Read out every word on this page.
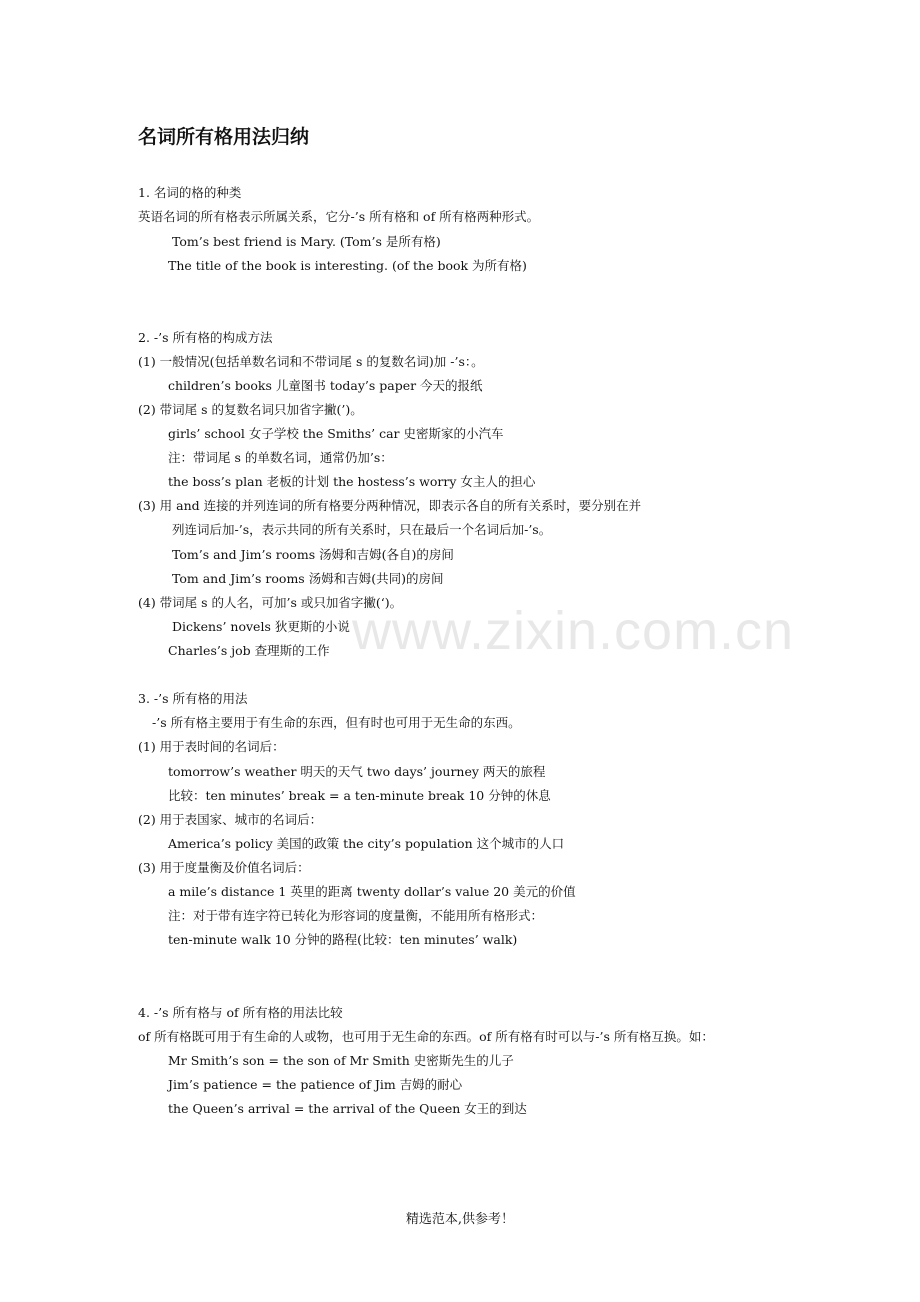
名词所有格用法归纳
1. 名词的格的种类
英语名词的所有格表示所属关系，它分-’s 所有格和 of 所有格两种形式。
Tom’s best friend is Mary. (Tom’s 是所有格)
The title of the book is interesting. (of the book 为所有格)
2. -’s 所有格的构成方法
(1) 一般情况(包括单数名词和不带词尾 s 的复数名词)加 -’s：。
children’s books 儿童图书 today’s paper 今天的报纸
(2) 带词尾 s 的复数名词只加省字撇(’)。
girls’ school 女子学校 the Smiths’ car 史密斯家的小汽车
注：带词尾 s 的单数名词，通常仍加’s：
the boss’s plan 老板的计划 the hostess’s worry 女主人的担心
(3) 用 and 连接的并列连词的所有格要分两种情况，即表示各自的所有关系时，要分别在并
列连词后加-’s，表示共同的所有关系时，只在最后一个名词后加-’s。
Tom’s and Jim’s rooms 汤姆和吉姆(各自)的房间
Tom and Jim’s rooms 汤姆和吉姆(共同)的房间
(4) 带词尾 s 的人名，可加’s 或只加省字撇(‘)。
Dickens’ novels 狄更斯的小说
Charles’s job 查理斯的工作
3. -’s 所有格的用法
-’s 所有格主要用于有生命的东西，但有时也可用于无生命的东西。
(1) 用于表时间的名词后：
tomorrow’s weather 明天的天气 two days’ journey 两天的旅程
比较：ten minutes’ break = a ten-minute break 10 分钟的休息
(2) 用于表国家、城市的名词后：
America’s policy 美国的政策 the city’s population 这个城市的人口
(3) 用于度量衡及价值名词后：
a mile’s distance 1 英里的距离 twenty dollar’s value 20 美元的价值
注：对于带有连字符已转化为形容词的度量衡，不能用所有格形式：
ten-minute walk 10 分钟的路程(比较：ten minutes’ walk)
4. -’s 所有格与 of 所有格的用法比较
of 所有格既可用于有生命的人或物，也可用于无生命的东西。of 所有格有时可以与-’s 所有格互换。如：
Mr Smith’s son = the son of Mr Smith 史密斯先生的儿子
Jim’s patience = the patience of Jim 吉姆的耐心
the Queen’s arrival = the arrival of the Queen 女王的到达
www.zixin.com.cn
精选范本,供参考！
